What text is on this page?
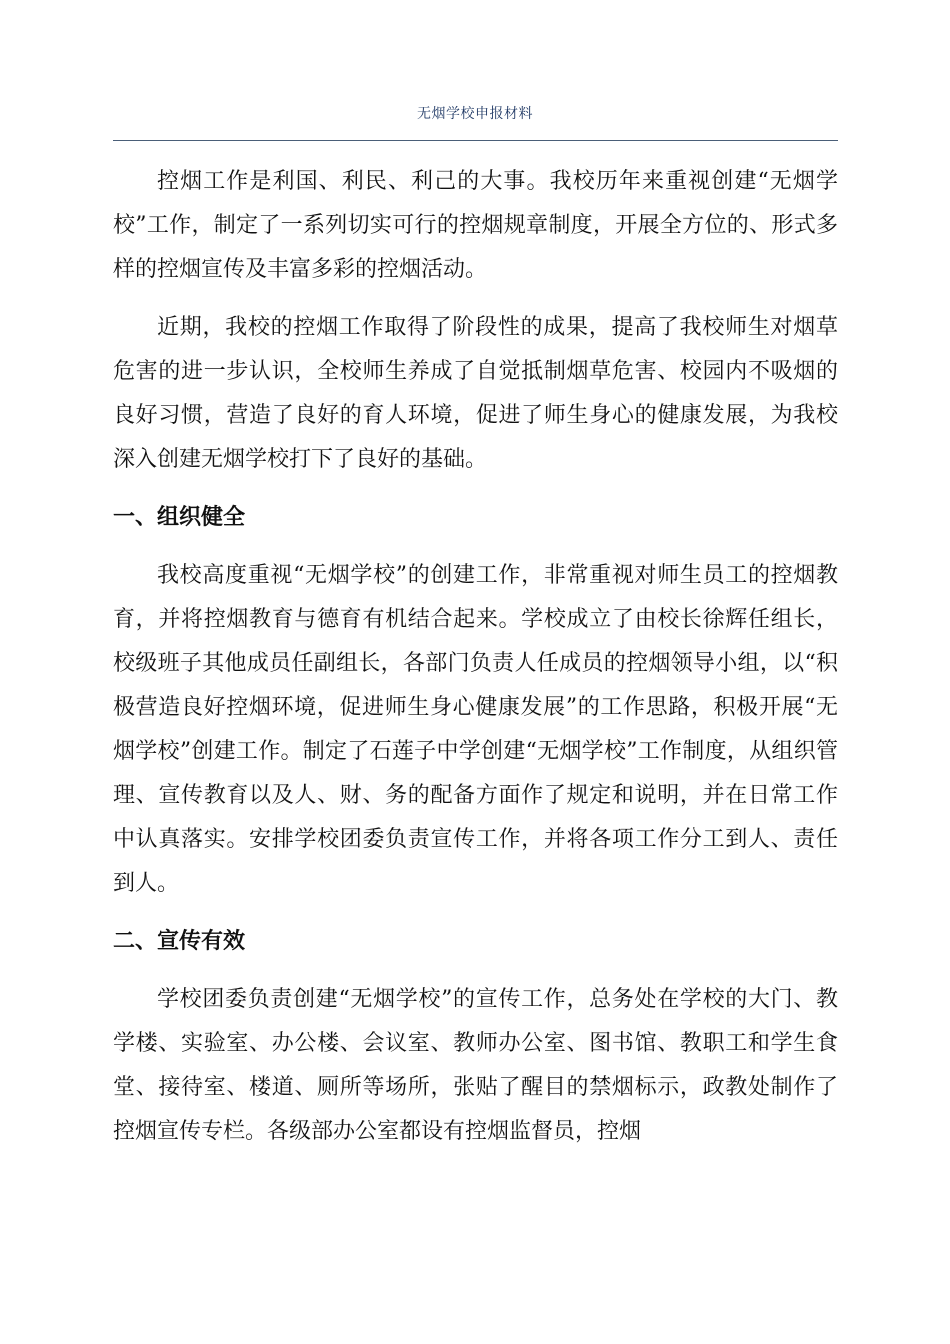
无烟学校申报材料

控烟工作是利国、利民、利己的大事。我校历年来重视创建“无烟学校”工作，制定了一系列切实可行的控烟规章制度，开展全方位的、形式多样的控烟宣传及丰富多彩的控烟活动。

近期，我校的控烟工作取得了阶段性的成果，提高了我校师生对烟草危害的进一步认识，全校师生养成了自觉抵制烟草危害、校园内不吸烟的良好习惯，营造了良好的育人环境，促进了师生身心的健康发展，为我校深入创建无烟学校打下了良好的基础。

一、组织健全

我校高度重视“无烟学校”的创建工作，非常重视对师生员工的控烟教育，并将控烟教育与德育有机结合起来。学校成立了由校长徐辉任组长，校级班子其他成员任副组长，各部门负责人任成员的控烟领导小组，以“积极营造良好控烟环境，促进师生身心健康发展”的工作思路，积极开展“无烟学校”创建工作。制定了石莲子中学创建“无烟学校”工作制度，从组织管理、宣传教育以及人、财、务的配备方面作了规定和说明，并在日常工作中认真落实。安排学校团委负责宣传工作，并将各项工作分工到人、责任到人。

二、宣传有效

学校团委负责创建“无烟学校”的宣传工作，总务处在学校的大门、教学楼、实验室、办公楼、会议室、教师办公室、图书馆、教职工和学生食堂、接待室、楼道、厕所等场所，张贴了醒目的禁烟标示，政教处制作了控烟宣传专栏。各级部办公室都设有控烟监督员，控烟
